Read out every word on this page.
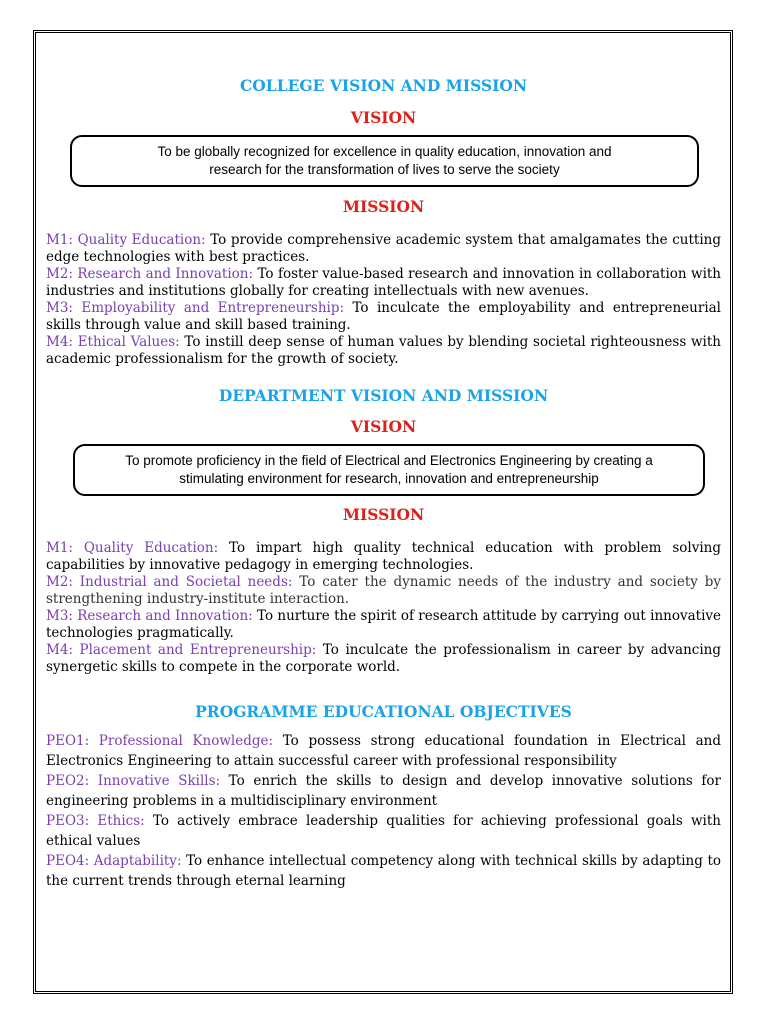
COLLEGE VISION AND MISSION
VISION
To be globally recognized for excellence in quality education, innovation and
research for the transformation of lives to serve the society
MISSION

M1: Quality Education: To provide comprehensive academic system that amalgamates the cutting edge technologies with best practices.

M2: Research and Innovation: To foster value-based research and innovation in collaboration with industries and institutions globally for creating intellectuals with new avenues.

M3: Employability and Entrepreneurship: To inculcate the employability and entrepreneurial skills through value and skill based training.

M4: Ethical Values: To instill deep sense of human values by blending societal righteousness with academic professionalism for the growth of society.

DEPARTMENT VISION AND MISSION
VISION
To promote proficiency in the field of Electrical and Electronics Engineering by creating a
stimulating environment for research, innovation and entrepreneurship
MISSION

M1: Quality Education: To impart high quality technical education with problem solving capabilities by innovative pedagogy in emerging technologies.

M2: Industrial and Societal needs: To cater the dynamic needs of the industry and society by strengthening industry-institute interaction.

M3: Research and Innovation: To nurture the spirit of research attitude by carrying out innovative technologies pragmatically.

M4: Placement and Entrepreneurship: To inculcate the professionalism in career by advancing synergetic skills to compete in the corporate world.

PROGRAMME EDUCATIONAL OBJECTIVES

PEO1: Professional Knowledge: To possess strong educational foundation in Electrical and Electronics Engineering to attain successful career with professional responsibility

PEO2: Innovative Skills: To enrich the skills to design and develop innovative solutions for engineering problems in a multidisciplinary environment

PEO3: Ethics: To actively embrace leadership qualities for achieving professional goals with ethical values

PEO4: Adaptability: To enhance intellectual competency along with technical skills by adapting to the current trends through eternal learning
